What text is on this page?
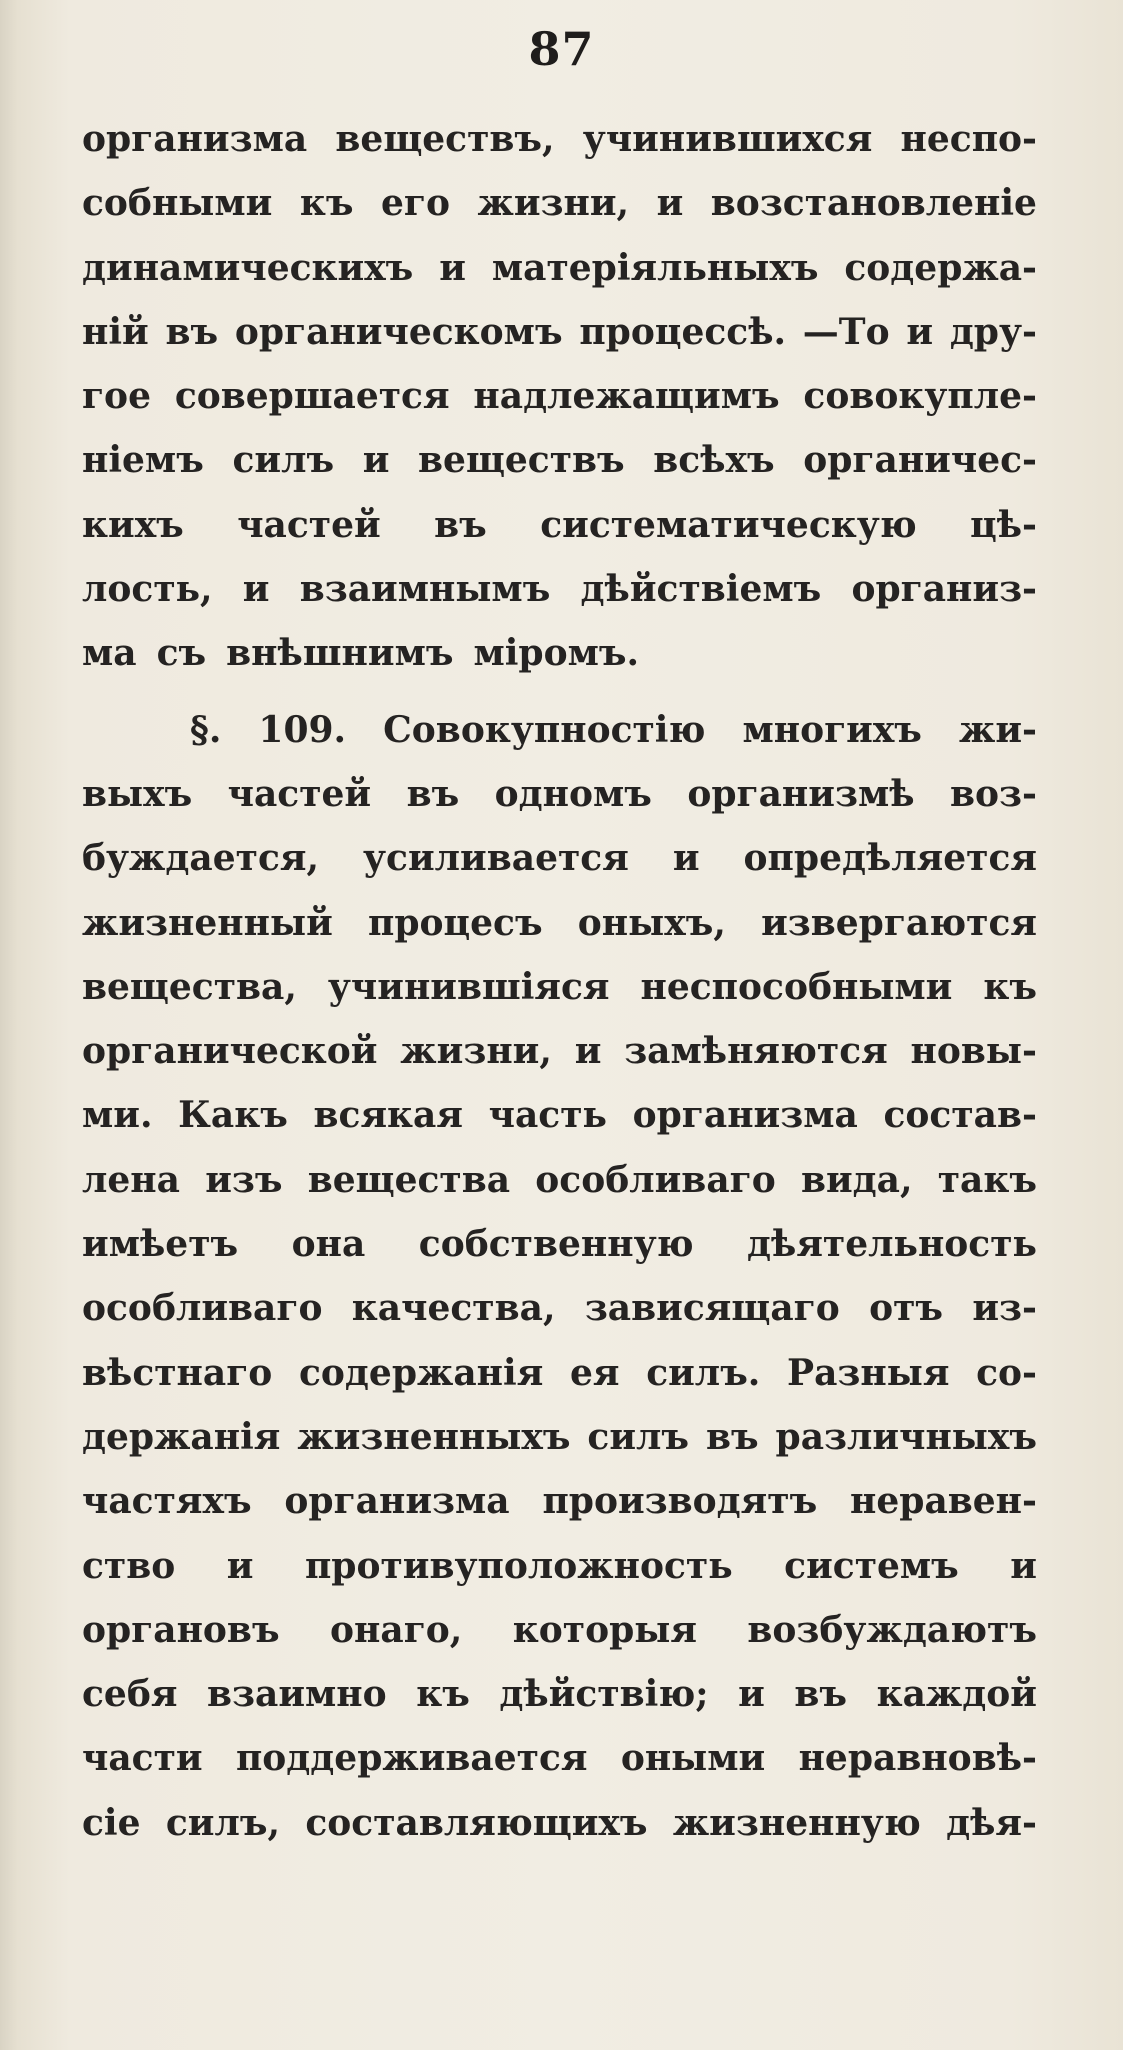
87
организма веществъ, учинившихся неспо-
собными къ его жизни, и возстановленiе
динамическихъ и матерiяльныхъ содержа-
нiй въ органическомъ процессѣ. —То и дру-
гое совершается надлежащимъ совокупле-
нiемъ силъ и веществъ всѣхъ органичес-
кихъ частей въ систематическую цѣ-
лость, и взаимнымъ дѣйствiемъ организ-
ма съ внѣшнимъ мiромъ.
§. 109. Совокупностiю многихъ жи-
выхъ частей въ одномъ организмѣ воз-
буждается, усиливается и опредѣляется
жизненный процесъ оныхъ, извергаются
вещества, учинившiяся неспособными къ
органической жизни, и замѣняются новы-
ми. Какъ всякая часть организма состав-
лена изъ вещества особливаго вида, такъ
имѣетъ она собственную дѣятельность
особливаго качества, зависящаго отъ из-
вѣстнаго содержанiя ея силъ. Разныя со-
держанiя жизненныхъ силъ въ различныхъ
частяхъ организма производятъ неравен-
ство и противуположность системъ и
органовъ онаго, которыя возбуждаютъ
себя взаимно къ дѣйствiю; и въ каждой
части поддерживается оными неравновѣ-
сiе силъ, составляющихъ жизненную дѣя-
